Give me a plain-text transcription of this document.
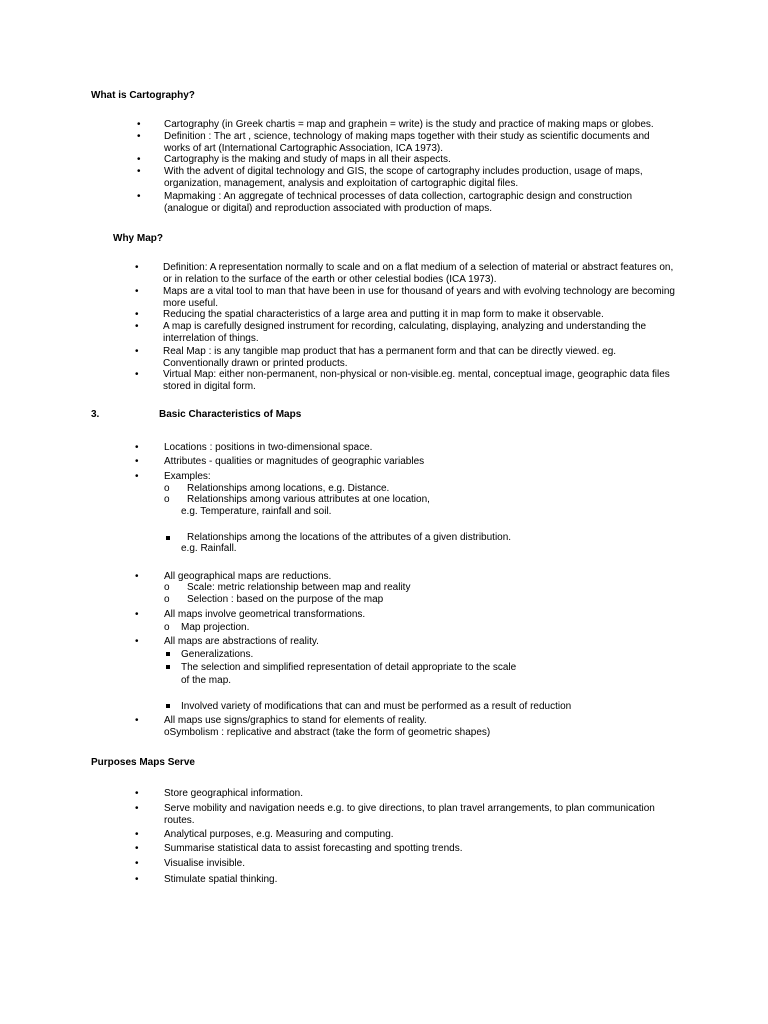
What is Cartography?
• Cartography (in Greek chartis = map and graphein = write) is the study and practice of making maps or globes.
• Definition : The art , science, technology of making maps together with their study as scientific documents and
works of art (International Cartographic Association, ICA 1973).
• Cartography is the making and study of maps in all their aspects.
• With the advent of digital technology and GIS, the scope of cartography includes production, usage of maps,
organization, management, analysis and exploitation of cartographic digital files.
• Mapmaking : An aggregate of technical processes of data collection, cartographic design and construction
(analogue or digital) and reproduction associated with production of maps.
Why Map?
• Definition: A representation normally to scale and on a flat medium of a selection of material or abstract features on,
or in relation to the surface of the earth or other celestial bodies (ICA 1973).
• Maps are a vital tool to man that have been in use for thousand of years and with evolving technology are becoming
more useful.
• Reducing the spatial characteristics of a large area and putting it in map form to make it observable.
• A map is carefully designed instrument for recording, calculating, displaying, analyzing and understanding the
interrelation of things.
• Real Map : is any tangible map product that has a permanent form and that can be directly viewed. eg.
Conventionally drawn or printed products.
• Virtual Map: either non-permanent, non-physical or non-visible.eg. mental, conceptual image, geographic data files
stored in digital form.
3.	Basic Characteristics of Maps
•	Locations : positions in two-dimensional space.
•	Attributes - qualities or magnitudes of geographic variables
•	Examples:
o Relationships among locations, e.g. Distance.
o Relationships among various attributes at one location,
e.g. Temperature, rainfall and soil.
Relationships among the locations of the attributes of a given distribution.
e.g. Rainfall.
•	All geographical maps are reductions.
o Scale: metric relationship between map and reality
o Selection : based on the purpose of the map
•	All maps involve geometrical transformations.
o Map projection.
•	All maps are abstractions of reality.
Generalizations.
The selection and simplified representation of detail appropriate to the scale
of the map.
Involved variety of modifications that can and must be performed as a result of reduction
•	All maps use signs/graphics to stand for elements of reality.
oSymbolism : replicative and abstract (take the form of geometric shapes)
Purposes Maps Serve
•	Store geographical information.
•	Serve mobility and navigation needs e.g. to give directions, to plan travel arrangements, to plan communication
routes.
•	Analytical purposes, e.g. Measuring and computing.
•	Summarise statistical data to assist forecasting and spotting trends.
•	Visualise invisible.
•	Stimulate spatial thinking.
